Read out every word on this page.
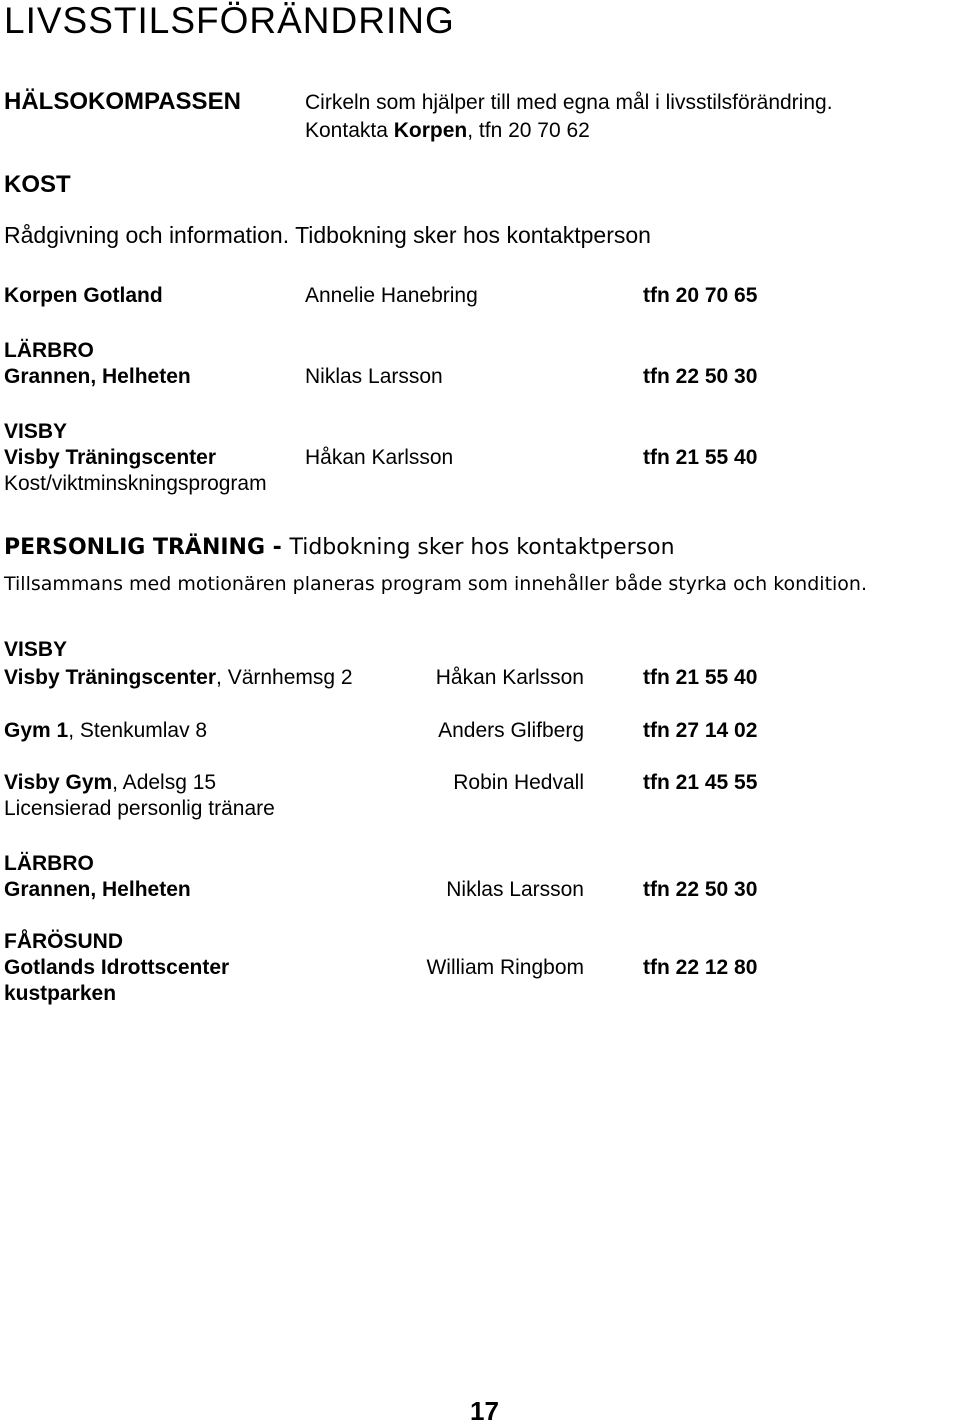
LIVSSTILSFÖRÄNDRING
HÄLSOKOMPASSEN	Cirkeln som hjälper till med egna mål i livsstilsförändring.
Kontakta Korpen, tfn 20 70 62
KOST
Rådgivning och information. Tidbokning sker hos kontaktperson
Korpen Gotland	Annelie Hanebring	tfn 20 70 65
LÄRBRO
Grannen, Helheten	Niklas Larsson	tfn 22 50 30
VISBY
Visby Träningscenter	Håkan Karlsson	tfn 21 55 40
Kost/viktminskningsprogram
PERSONLIG TRÄNING - Tidbokning sker hos kontaktperson
Tillsammans med motionären planeras program som innehåller både styrka och kondition.
VISBY
Visby Träningscenter, Värnhemsg 2	Håkan Karlsson	tfn 21 55 40
Gym 1, Stenkumlav 8	Anders Glifberg	tfn 27 14 02
Visby Gym, Adelsg 15	Robin Hedvall	tfn 21 45 55
Licensierad personlig tränare
LÄRBRO
Grannen, Helheten	Niklas Larsson	tfn 22 50 30
FÅRÖSUND
Gotlands Idrottscenter	William Ringbom	tfn 22 12 80
kustparken
17
